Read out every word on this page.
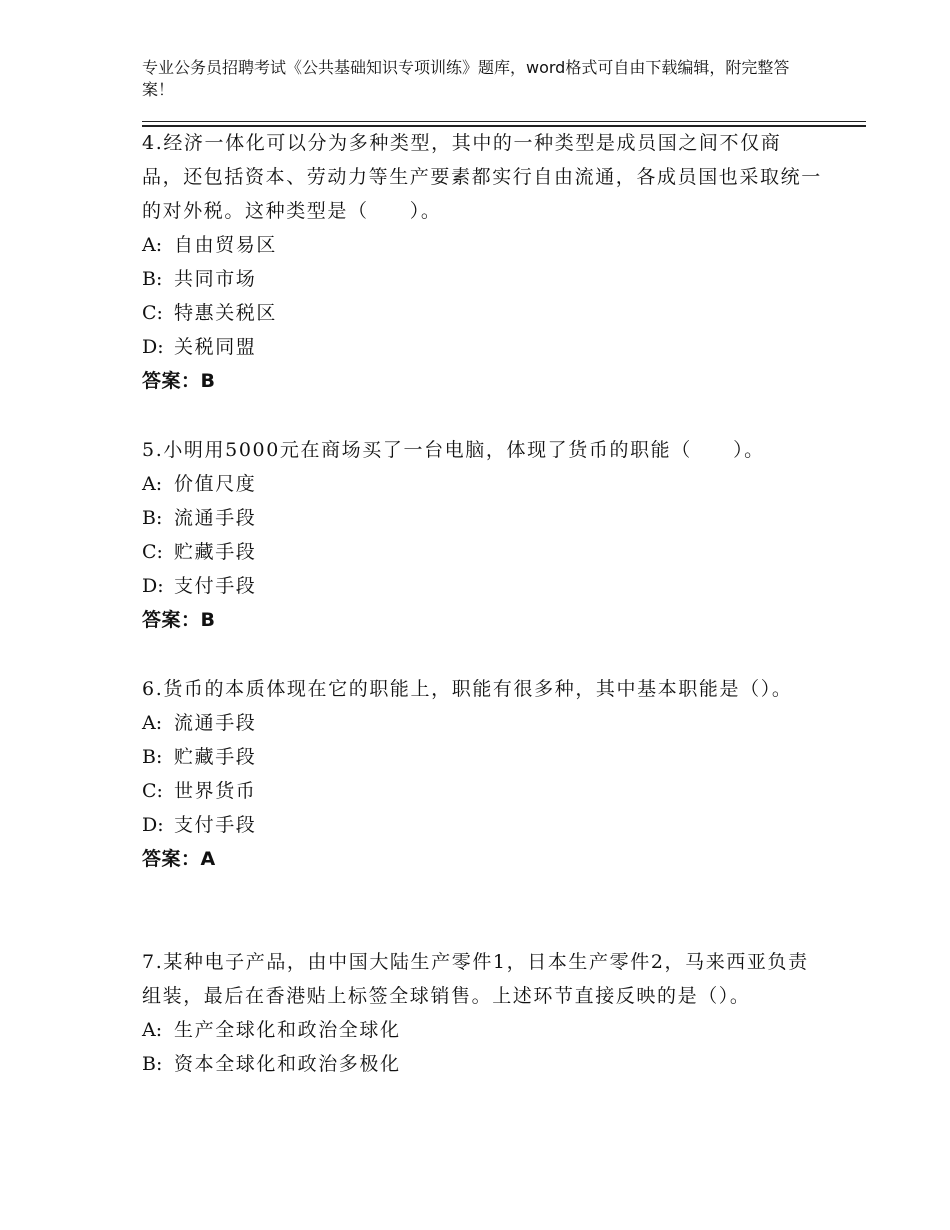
专业公务员招聘考试《公共基础知识专项训练》题库，word格式可自由下载编辑，附完整答案！
4.经济一体化可以分为多种类型，其中的一种类型是成员国之间不仅商品，还包括资本、劳动力等生产要素都实行自由流通，各成员国也采取统一的对外税。这种类型是（　　）。
A: 自由贸易区
B: 共同市场
C: 特惠关税区
D: 关税同盟
答案：B
5.小明用5000元在商场买了一台电脑，体现了货币的职能（　　）。
A: 价值尺度
B: 流通手段
C: 贮藏手段
D: 支付手段
答案：B
6.货币的本质体现在它的职能上，职能有很多种，其中基本职能是（）。
A: 流通手段
B: 贮藏手段
C: 世界货币
D: 支付手段
答案：A
7.某种电子产品，由中国大陆生产零件1，日本生产零件2，马来西亚负责组装，最后在香港贴上标签全球销售。上述环节直接反映的是（）。
A: 生产全球化和政治全球化
B: 资本全球化和政治多极化
